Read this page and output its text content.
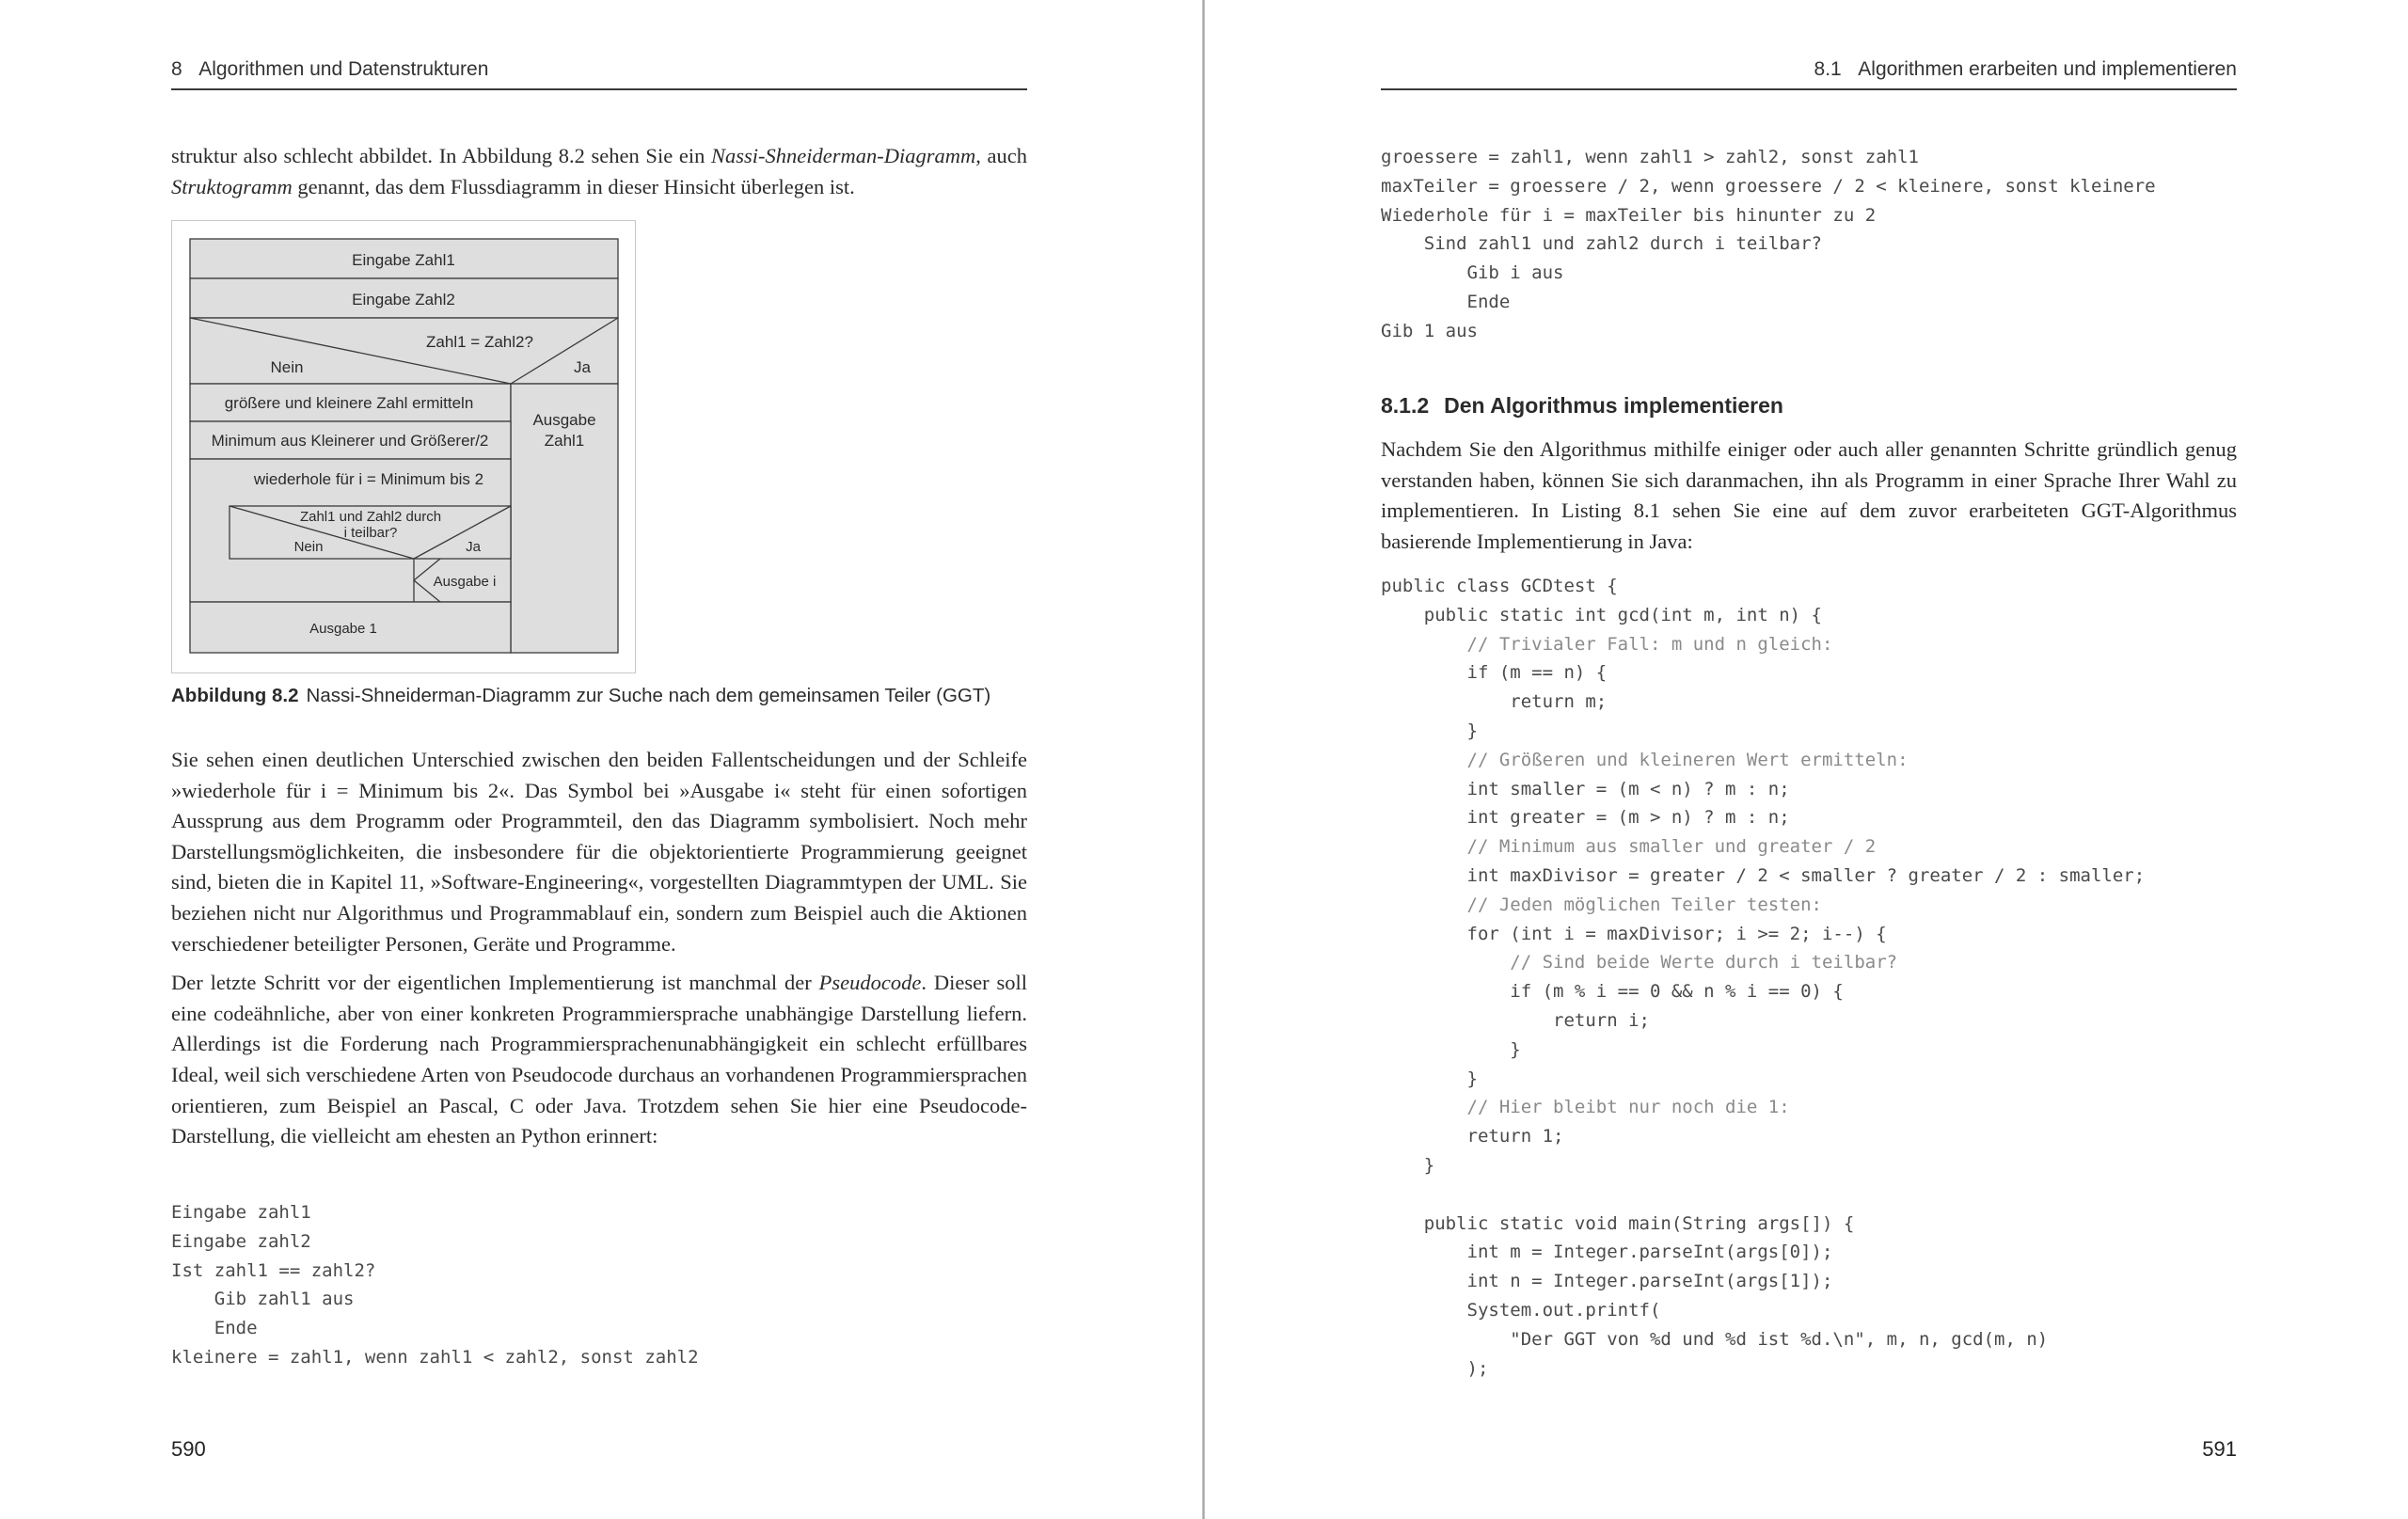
8 Algorithmen und Datenstrukturen

struktur also schlecht abbildet. In Abbildung 8.2 sehen Sie ein Nassi-Shneiderman-Diagramm, auch Struktogramm genannt, das dem Flussdiagramm in dieser Hinsicht überlegen ist.

Eingabe Zahl1
Eingabe Zahl2
Zahl1 = Zahl2?
Nein	Ja
größere und kleinere Zahl ermitteln
Minimum aus Kleinerer und Größerer/2
Ausgabe
Zahl1
wiederhole für i = Minimum bis 2
Zahl1 und Zahl2 durch
i teilbar?
Nein	Ja
Ausgabe i
Ausgabe 1
Abbildung 8.2 Nassi-Shneiderman-Diagramm zur Suche nach dem gemeinsamen Teiler (GGT)

Sie sehen einen deutlichen Unterschied zwischen den beiden Fallentscheidungen und der Schleife »wiederhole für i = Minimum bis 2«. Das Symbol bei »Ausgabe i« steht für einen sofortigen Aussprung aus dem Programm oder Programmteil, den das Diagramm symbolisiert. Noch mehr Darstellungsmöglichkeiten, die insbesondere für die objektorientierte Programmierung geeignet sind, bieten die in Kapitel 11, »Software-Engineering«, vorgestellten Diagrammtypen der UML. Sie beziehen nicht nur Algorithmus und Programmablauf ein, sondern zum Beispiel auch die Aktionen verschiedener beteiligter Personen, Geräte und Programme.

Der letzte Schritt vor der eigentlichen Implementierung ist manchmal der Pseudocode. Dieser soll eine codeähnliche, aber von einer konkreten Programmiersprache unabhängige Darstellung liefern. Allerdings ist die Forderung nach Programmiersprachenunabhängigkeit ein schlecht erfüllbares Ideal, weil sich verschiedene Arten von Pseudocode durchaus an vorhandenen Programmiersprachen orientieren, zum Beispiel an Pascal, C oder Java. Trotzdem sehen Sie hier eine Pseudocode-Darstellung, die vielleicht am ehesten an Python erinnert:

Eingabe zahl1
Eingabe zahl2
Ist zahl1 == zahl2?
Gib zahl1 aus
Ende
kleinere = zahl1, wenn zahl1 < zahl2, sonst zahl2
590
8.1 Algorithmen erarbeiten und implementieren
groessere = zahl1, wenn zahl1 > zahl2, sonst zahl1
maxTeiler = groessere / 2, wenn groessere / 2 < kleinere, sonst kleinere
Wiederhole für i = maxTeiler bis hinunter zu 2
Sind zahl1 und zahl2 durch i teilbar?
Gib i aus
Ende
Gib 1 aus
8.1.2 Den Algorithmus implementieren

Nachdem Sie den Algorithmus mithilfe einiger oder auch aller genannten Schritte gründlich genug verstanden haben, können Sie sich daranmachen, ihn als Programm in einer Sprache Ihrer Wahl zu implementieren. In Listing 8.1 sehen Sie eine auf dem zuvor erarbeiteten GGT-Algorithmus basierende Implementierung in Java:

public class GCDtest {
public static int gcd(int m, int n) {
// Trivialer Fall: m und n gleich:
if (m == n) {
return m;
}
// Größeren und kleineren Wert ermitteln:
int smaller = (m < n) ? m : n;
int greater = (m > n) ? m : n;
// Minimum aus smaller und greater / 2
int maxDivisor = greater / 2 < smaller ? greater / 2 : smaller;
// Jeden möglichen Teiler testen:
for (int i = maxDivisor; i >= 2; i--) {
// Sind beide Werte durch i teilbar?
if (m % i == 0 && n % i == 0) {
return i;
}
}
// Hier bleibt nur noch die 1:
return 1;
}

public static void main(String args[]) {
int m = Integer.parseInt(args[0]);
int n = Integer.parseInt(args[1]);
System.out.printf(
"Der GGT von %d und %d ist %d.\n", m, n, gcd(m, n)
);
591
